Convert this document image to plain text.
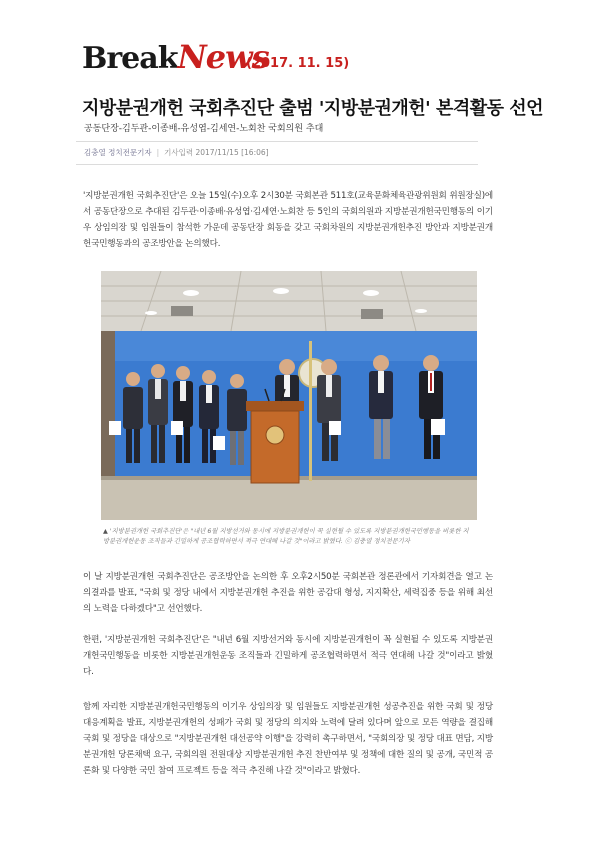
BreakNews
(2017. 11. 15)
지방분권개헌 국회추진단 출범 '지방분권개헌' 본격활동 선언
공동단장-김두관-이종배-유성엽-김세연-노회찬 국회의원 추대
김충열 정치전문기자 | 기사입력 2017/11/15 [16:06]
'지방분권개헌 국회추진단'은 오늘 15일(수)오후 2시30분 국회본관 511호(교육문화체육관광위원회 위원장실)에서 공동단장으로 추대된 김두관·이종배·유성엽·김세연·노회찬 등 5인의 국회의원과 지방분권개헌국민행동의 이기우 상임의장 및 임원들이 참석한 가운데 공동단장 회동을 갖고 국회차원의 지방분권개헌추진 방안과 지방분권개헌국민행동과의 공조방안을 논의했다.
▲ '지방분권개헌 국회추진단'은 "내년 6월 지방선거와 동시에 지방분권개헌이 꼭 실현될 수 있도록 지방분권개헌국민행동을 비롯한 지방분권개헌운동 조직들과 긴밀하게 공조협력하면서 적극 연대해 나갈 것"이라고 밝혔다. ⓒ 김충열 정치전문기자
이 날 지방분권개헌 국회추진단은 공조방안을 논의한 후 오후2시50분 국회본관 정론관에서 기자회견을 열고 논의결과를 발표, "국회 및 정당 내에서 지방분권개헌 추진을 위한 공감대 형성, 지지확산, 세력집중 등을 위해 최선의 노력을 다하겠다"고 선언했다.
한편, '지방분권개헌 국회추진단'은 "내년 6월 지방선거와 동시에 지방분권개헌이 꼭 실현될 수 있도록 지방분권개헌국민행동을 비롯한 지방분권개헌운동 조직들과 긴밀하게 공조협력하면서 적극 연대해 나갈 것"이라고 밝혔다.
함께 자리한 지방분권개헌국민행동의 이기우 상임의장 및 임원들도 지방분권개헌 성공추진을 위한 국회 및 정당 대응계획을 발표, 지방분권개헌의 성패가 국회 및 정당의 의지와 노력에 달려 있다며 앞으로 모든 역량을 결집해 국회 및 정당을 대상으로 "지방분권개헌 대선공약 이행"을 강력히 촉구하면서, "국회의장 및 정당 대표 면담, 지방분권개헌 당론채택 요구, 국회의원 전원대상 지방분권개헌 추진 찬반여부 및 정책에 대한 질의 및 공개, 국민적 공론화 및 다양한 국민 참여 프로젝트 등을 적극 추진해 나갈 것"이라고 밝혔다.
